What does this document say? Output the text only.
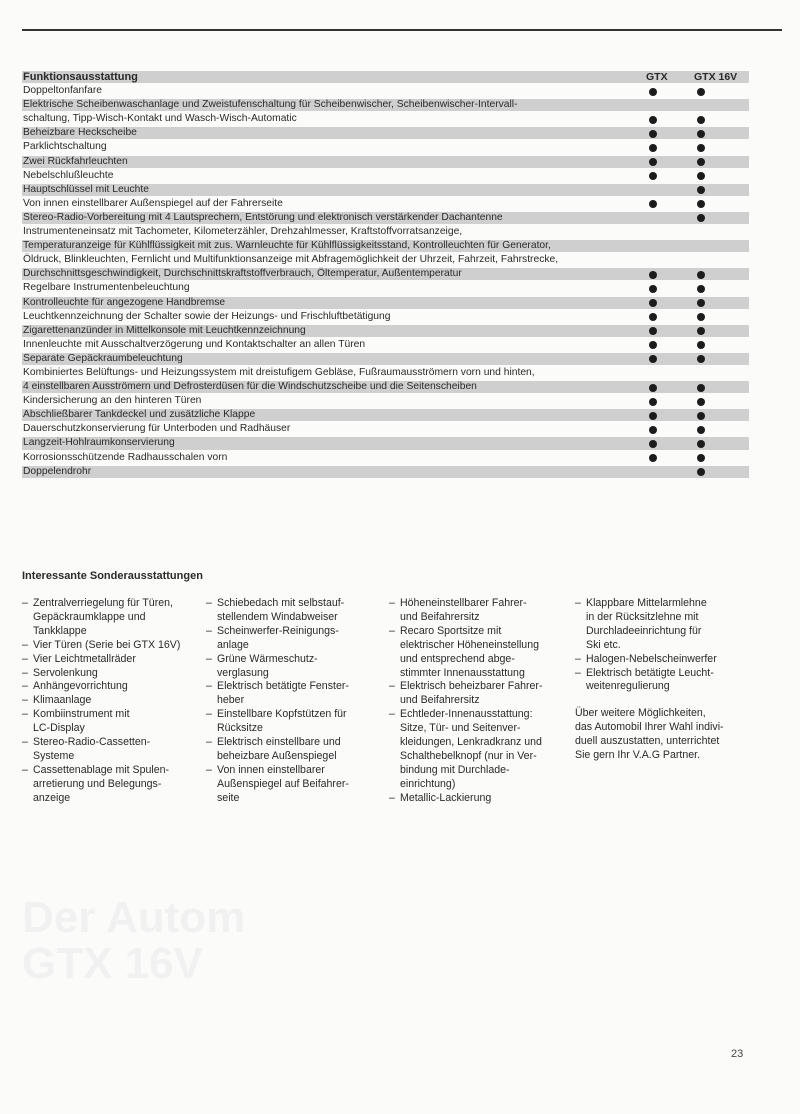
Funktionsausstattung	GTX	GTX 16V
Doppeltonfanfare
Elektrische Scheibenwaschanlage und Zweistufenschaltung für Scheibenwischer, Scheibenwischer-Intervall-
schaltung, Tipp-Wisch-Kontakt und Wasch-Wisch-Automatic
Beheizbare Heckscheibe
Parklichtschaltung
Zwei Rückfahrleuchten
Nebelschlußleuchte
Hauptschlüssel mit Leuchte
Von innen einstellbarer Außenspiegel auf der Fahrerseite
Stereo-Radio-Vorbereitung mit 4 Lautsprechern, Entstörung und elektronisch verstärkender Dachantenne
Instrumenteneinsatz mit Tachometer, Kilometerzähler, Drehzahlmesser, Kraftstoffvorratsanzeige,
Temperaturanzeige für Kühlflüssigkeit mit zus. Warnleuchte für Kühlflüssigkeitsstand, Kontrolleuchten für Generator,
Öldruck, Blinkleuchten, Fernlicht und Multifunktionsanzeige mit Abfragemöglichkeit der Uhrzeit, Fahrzeit, Fahrstrecke,
Durchschnittsgeschwindigkeit, Durchschnittskraftstoffverbrauch, Öltemperatur, Außentemperatur
Regelbare Instrumentenbeleuchtung
Kontrolleuchte für angezogene Handbremse
Leuchtkennzeichnung der Schalter sowie der Heizungs- und Frischluftbetätigung
Zigarettenanzünder in Mittelkonsole mit Leuchtkennzeichnung
Innenleuchte mit Ausschaltverzögerung und Kontaktschalter an allen Türen
Separate Gepäckraumbeleuchtung
Kombiniertes Belüftungs- und Heizungssystem mit dreistufigem Gebläse, Fußraumausströmern vorn und hinten,
4 einstellbaren Ausströmern und Defrosterdüsen für die Windschutzscheibe und die Seitenscheiben
Kindersicherung an den hinteren Türen
Abschließbarer Tankdeckel und zusätzliche Klappe
Dauerschutzkonservierung für Unterboden und Radhäuser
Langzeit-Hohlraumkonservierung
Korrosionsschützende Radhausschalen vorn
Doppelendrohr
Interessante Sonderausstattungen
– Zentralverriegelung für Türen,
Gepäckraumklappe und
Tankklappe
– Vier Türen (Serie bei GTX 16V)
– Vier Leichtmetallräder
– Servolenkung
– Anhängevorrichtung
– Klimaanlage
– Kombiinstrument mit
LC-Display
– Stereo-Radio-Cassetten-
Systeme
– Cassettenablage mit Spulen-
arretierung und Belegungs-
anzeige
– Schiebedach mit selbstauf-
stellendem Windabweiser
– Scheinwerfer-Reinigungs-
anlage
– Grüne Wärmeschutz-
verglasung
– Elektrisch betätigte Fenster-
heber
– Einstellbare Kopfstützen für
Rücksitze
– Elektrisch einstellbare und
beheizbare Außenspiegel
– Von innen einstellbarer
Außenspiegel auf Beifahrer-
seite
– Höheneinstellbarer Fahrer-
und Beifahrersitz
– Recaro Sportsitze mit
elektrischer Höheneinstellung
und entsprechend abge-
stimmter Innenausstattung
– Elektrisch beheizbarer Fahrer-
und Beifahrersitz
– Echtleder-Innenausstattung:
Sitze, Tür- und Seitenver-
kleidungen, Lenkradkranz und
Schalthebelknopf (nur in Ver-
bindung mit Durchlade-
einrichtung)
– Metallic-Lackierung
– Klappbare Mittelarmlehne
in der Rücksitzlehne mit
Durchladeeinrichtung für
Ski etc.
– Halogen-Nebelscheinwerfer
– Elektrisch betätigte Leucht-
weitenregulierung
Über weitere Möglichkeiten,
das Automobil Ihrer Wahl indivi-
duell auszustatten, unterrichtet
Sie gern Ihr V.A.G Partner.
Der Autom
GTX 16V
23
